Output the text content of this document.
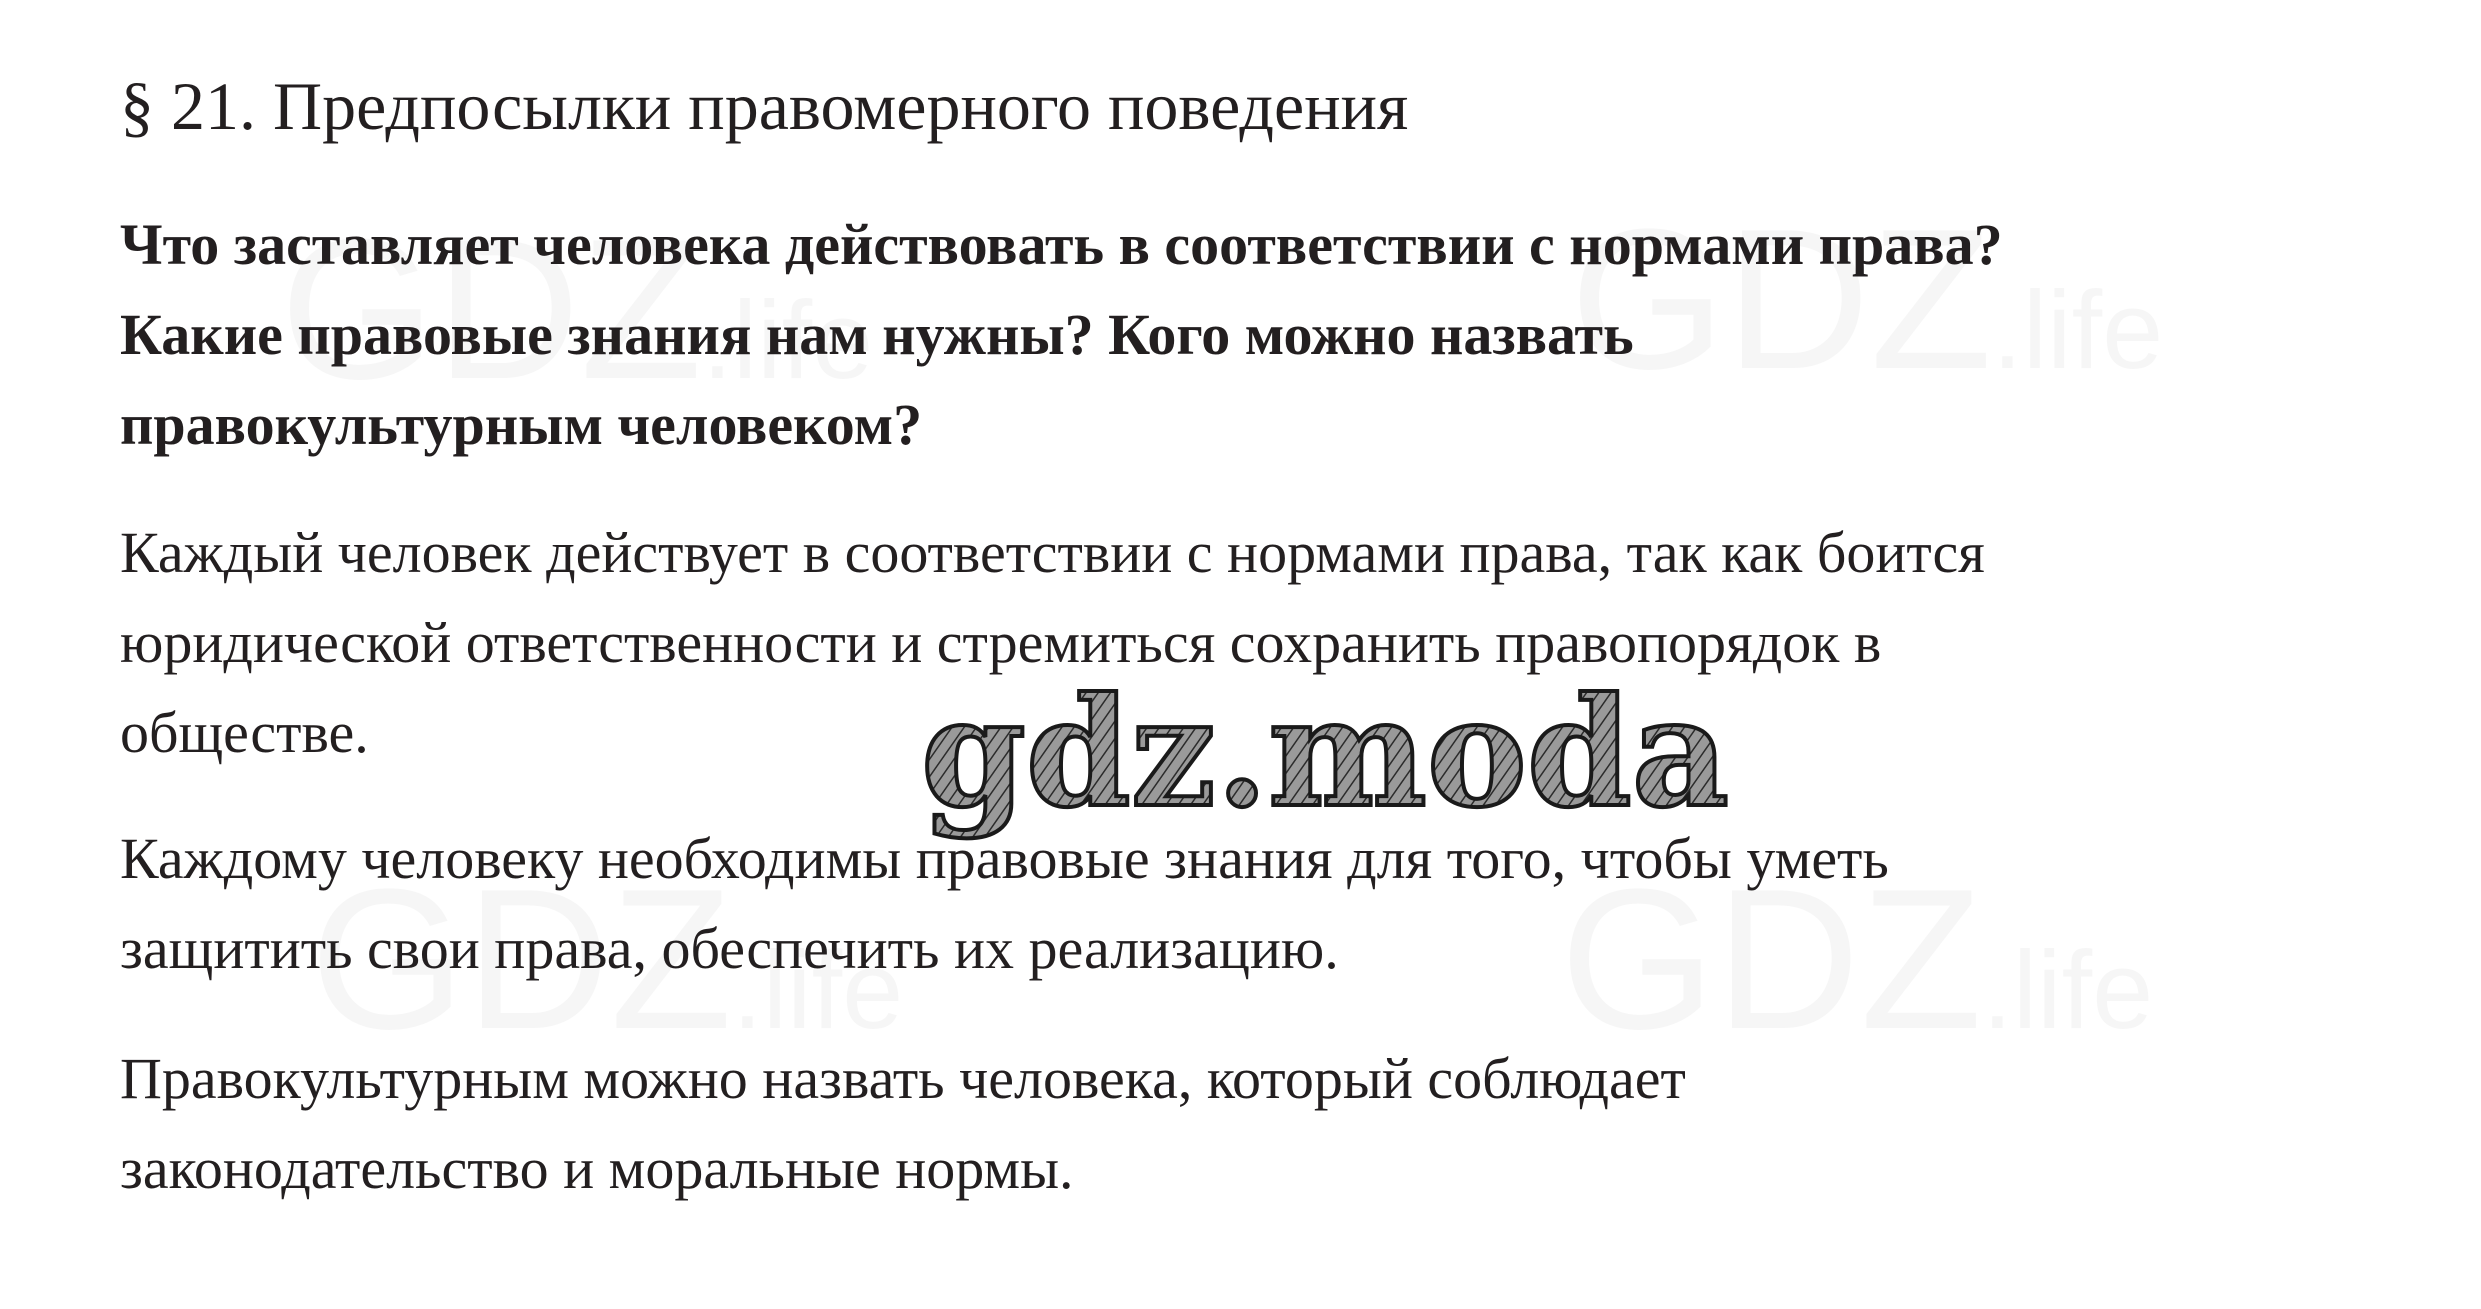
§ 21. Предпосылки правомерного поведения

Что заставляет человека действовать в соответствии с нормами права?
Какие правовые знания нам нужны? Кого можно назвать
правокультурным человеком?

Каждый человек действует в соответствии с нормами права, так как боится
юридической ответственности и стремиться сохранить правопорядок в
обществе.

Каждому человеку необходимы правовые знания для того, чтобы уметь
защитить свои права, обеспечить их реализацию.

Правокультурным можно назвать человека, который соблюдает
законодательство и моральные нормы.

gdz.moda
